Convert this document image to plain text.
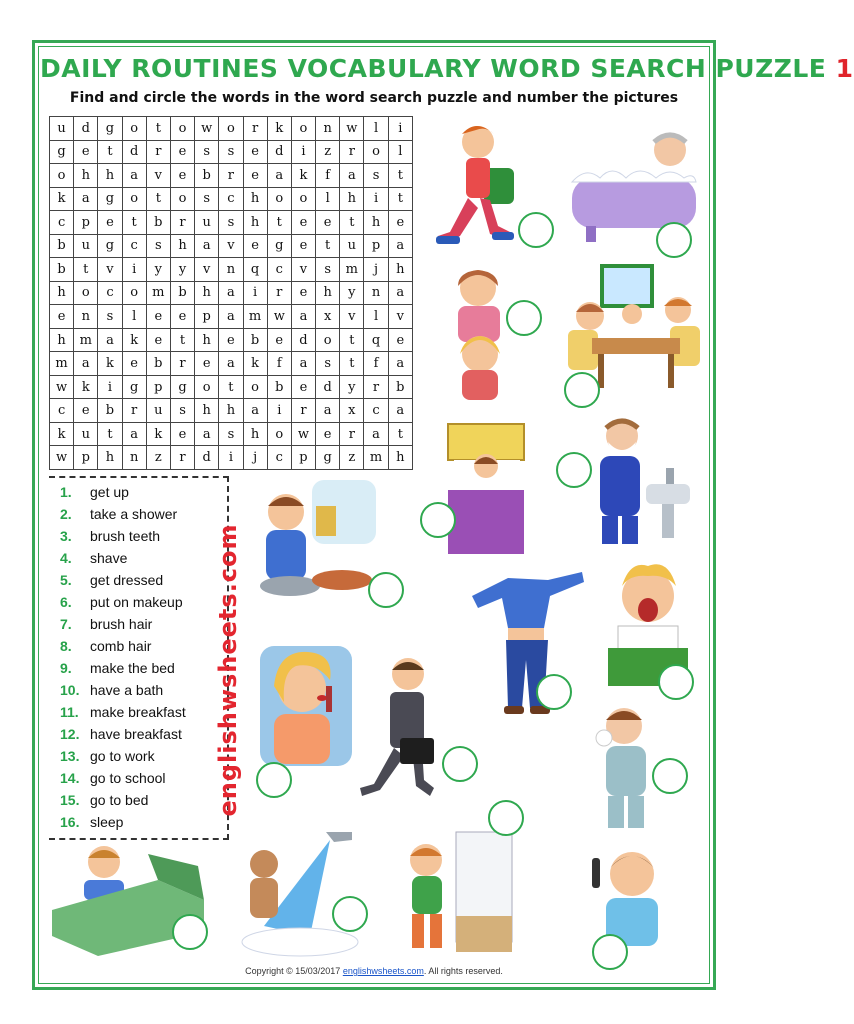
DAILY ROUTINES VOCABULARY WORD SEARCH PUZZLE 1
Find and circle the words in the word search puzzle and number the pictures
u	d	g	o	t	o	w	o	r	k	o	n	w	l	i
g	e	t	d	r	e	s	s	e	d	i	z	r	o	l
o	h	h	a	v	e	b	r	e	a	k	f	a	s	t
k	a	g	o	t	o	s	c	h	o	o	l	h	i	t
c	p	e	t	b	r	u	s	h	t	e	e	t	h	e
b	u	g	c	s	h	a	v	e	g	e	t	u	p	a
b	t	v	i	y	y	v	n	q	c	v	s	m	j	h
h	o	c	o	m	b	h	a	i	r	e	h	y	n	a
e	n	s	l	e	e	p	a	m	w	a	x	v	l	v
h	m	a	k	e	t	h	e	b	e	d	o	t	q	e
m	a	k	e	b	r	e	a	k	f	a	s	t	f	a
w	k	i	g	p	g	o	t	o	b	e	d	y	r	b
c	e	b	r	u	s	h	h	a	i	r	a	x	c	a
k	u	t	a	k	e	a	s	h	o	w	e	r	a	t
w	p	h	n	z	r	d	i	j	c	p	g	z	m	h
1. get up
2. take a shower
3. brush teeth
4. shave
5. get dressed
6. put on makeup
7. brush hair
8. comb hair
9. make the bed
10. have a bath
11. make breakfast
12. have breakfast
13. go to work
14. go to school
15. go to bed
16. sleep
englishwsheets.com
Copyright © 15/03/2017 englishwsheets.com. All rights reserved.
